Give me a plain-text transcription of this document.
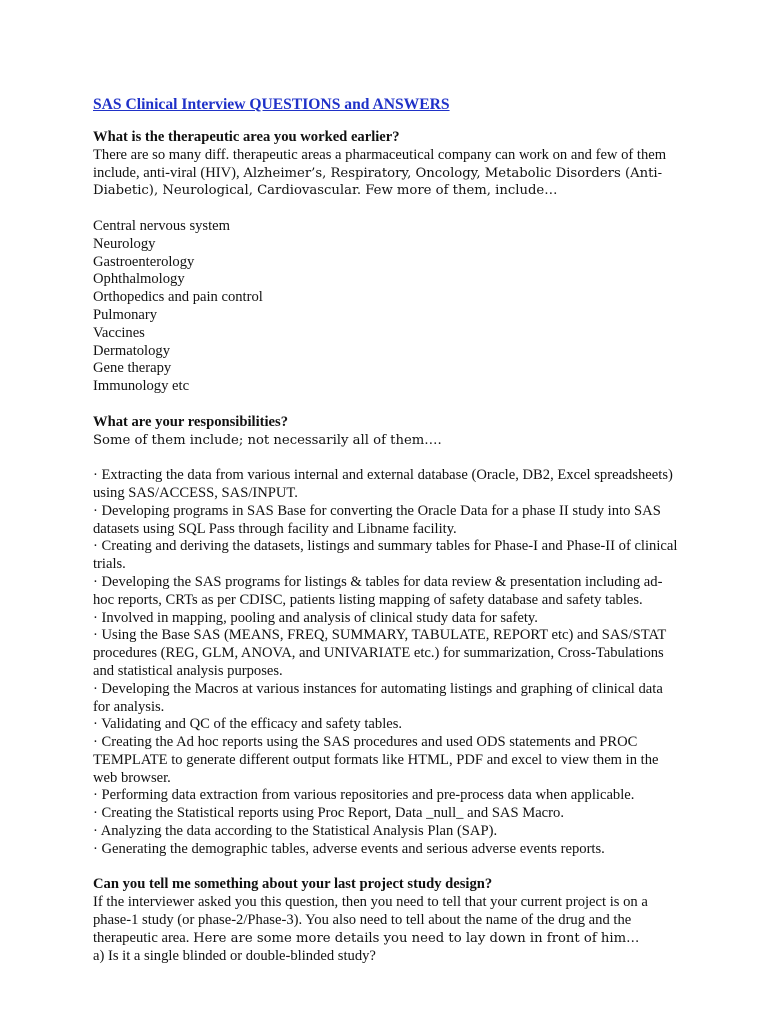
SAS Clinical Interview QUESTIONS and ANSWERS
What is the therapeutic area you worked earlier?
There are so many diff. therapeutic areas a pharmaceutical company can work on and few of them include, anti-viral (HIV), Alzheimer’s, Respiratory, Oncology, Metabolic Disorders (Anti-Diabetic), Neurological, Cardiovascular. Few more of them, include…
Central nervous system
Neurology
Gastroenterology
Ophthalmology
Orthopedics and pain control
Pulmonary
Vaccines
Dermatology
Gene therapy
Immunology etc
What are your responsibilities?
Some of them include; not necessarily all of them….
· Extracting the data from various internal and external database (Oracle, DB2, Excel spreadsheets) using SAS/ACCESS, SAS/INPUT.
· Developing programs in SAS Base for converting the Oracle Data for a phase II study into SAS datasets using SQL Pass through facility and Libname facility.
· Creating and deriving the datasets, listings and summary tables for Phase-I and Phase-II of clinical trials.
· Developing the SAS programs for listings & tables for data review & presentation including ad-hoc reports, CRTs as per CDISC, patients listing mapping of safety database and safety tables.
· Involved in mapping, pooling and analysis of clinical study data for safety.
· Using the Base SAS (MEANS, FREQ, SUMMARY, TABULATE, REPORT etc) and SAS/STAT procedures (REG, GLM, ANOVA, and UNIVARIATE etc.) for summarization, Cross-Tabulations and statistical analysis purposes.
· Developing the Macros at various instances for automating listings and graphing of clinical data for analysis.
· Validating and QC of the efficacy and safety tables.
· Creating the Ad hoc reports using the SAS procedures and used ODS statements and PROC TEMPLATE to generate different output formats like HTML, PDF and excel to view them in the web browser.
· Performing data extraction from various repositories and pre-process data when applicable.
· Creating the Statistical reports using Proc Report, Data _null_ and SAS Macro.
· Analyzing the data according to the Statistical Analysis Plan (SAP).
· Generating the demographic tables, adverse events and serious adverse events reports.
Can you tell me something about your last project study design?
If the interviewer asked you this question, then you need to tell that your current project is on a phase-1 study (or phase-2/Phase-3). You also need to tell about the name of the drug and the therapeutic area. Here are some more details you need to lay down in front of him…
a) Is it a single blinded or double-blinded study?
